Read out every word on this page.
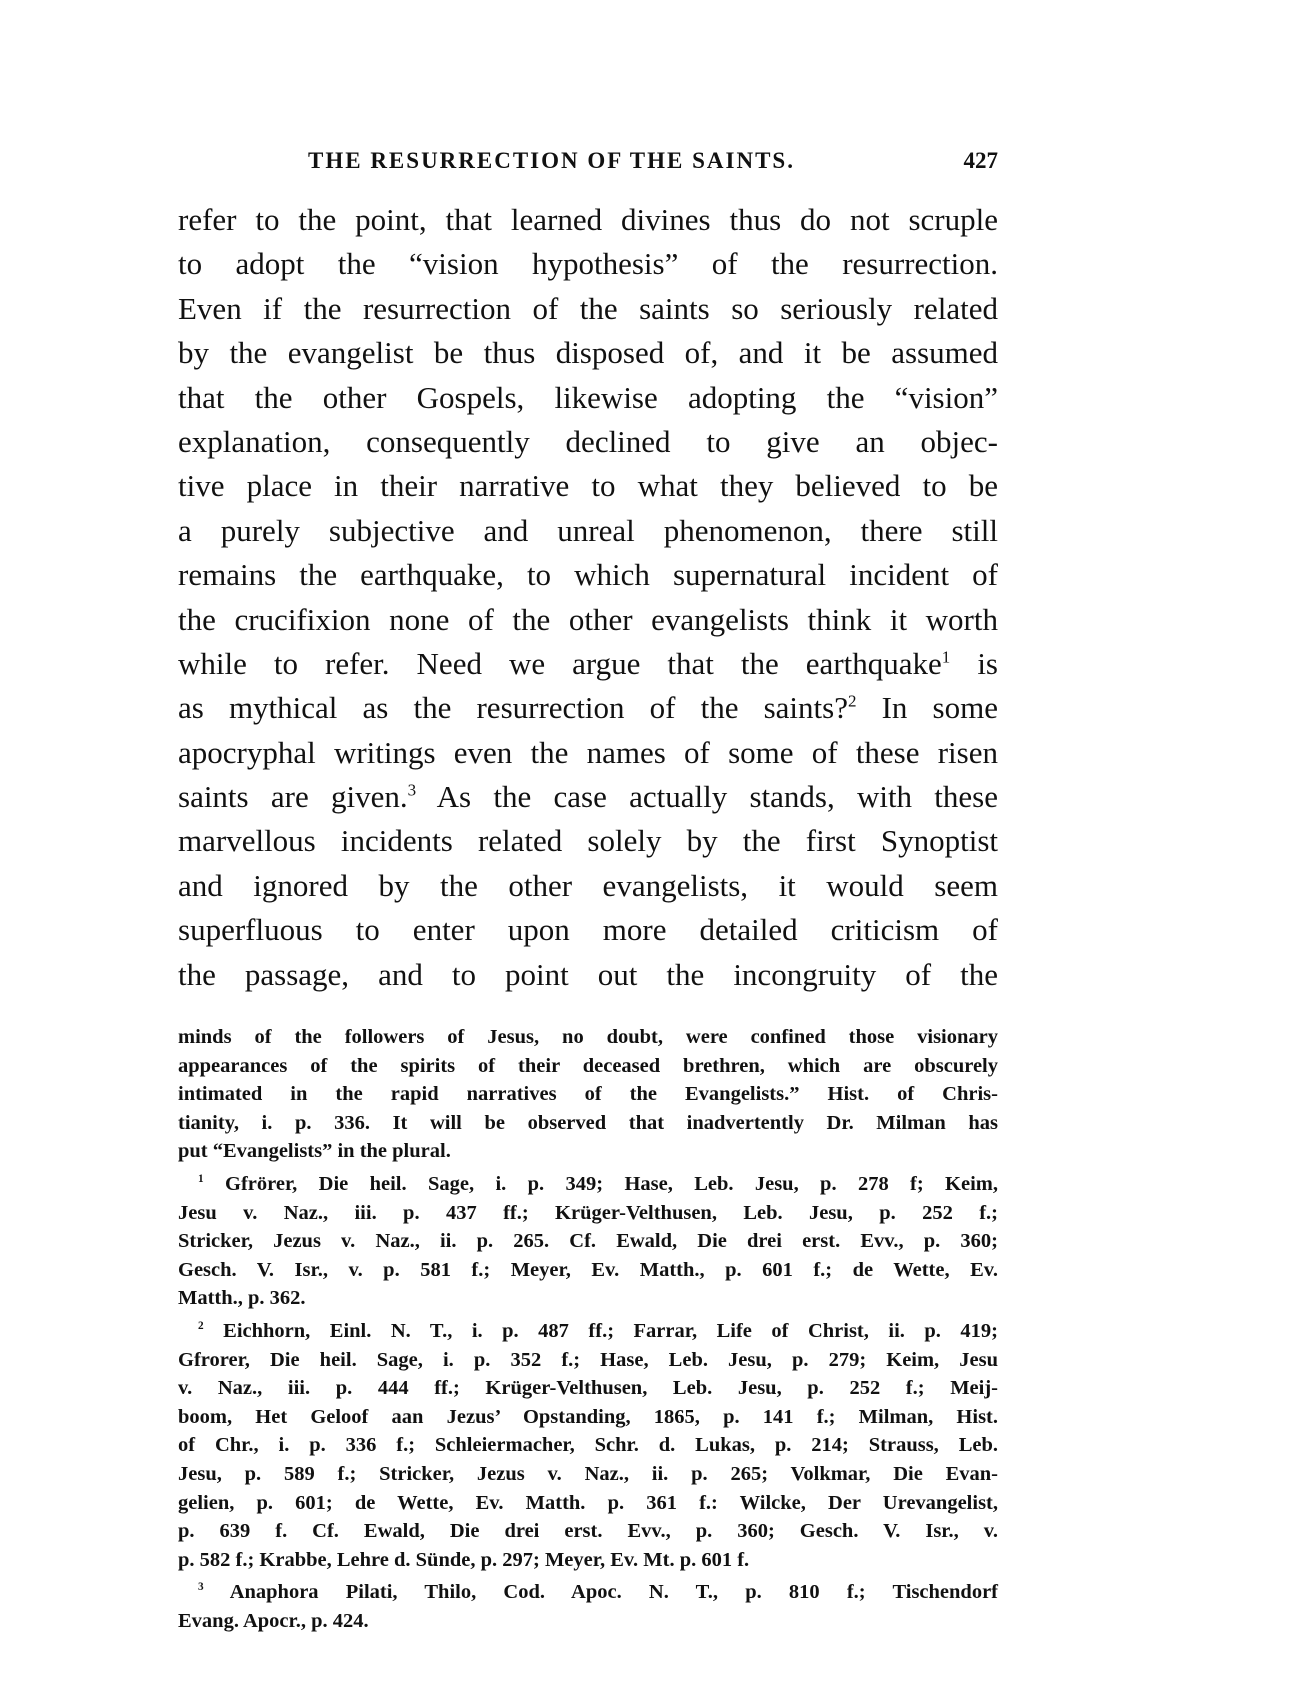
THE RESURRECTION OF THE SAINTS.	427
refer to the point, that learned divines thus do not scruple
to adopt the “vision hypothesis” of the resurrection.
Even if the resurrection of the saints so seriously related
by the evangelist be thus disposed of, and it be assumed
that the other Gospels, likewise adopting the “vision”
explanation, consequently declined to give an objec-
tive place in their narrative to what they believed to be
a purely subjective and unreal phenomenon, there still
remains the earthquake, to which supernatural incident of
the crucifixion none of the other evangelists think it worth
while to refer. Need we argue that the earthquake$^1$ is
as mythical as the resurrection of the saints?$^2$ In some
apocryphal writings even the names of some of these risen
saints are given.$^3$ As the case actually stands, with these
marvellous incidents related solely by the first Synoptist
and ignored by the other evangelists, it would seem
superfluous to enter upon more detailed criticism of
the passage, and to point out the incongruity of the
minds of the followers of Jesus, no doubt, were confined those visionary
appearances of the spirits of their deceased brethren, which are obscurely
intimated in the rapid narratives of the Evangelists.” Hist. of Chris-
tianity, i. p. 336. It will be observed that inadvertently Dr. Milman has
put “Evangelists” in the plural.
$^1$ Gfrörer, Die heil. Sage, i. p. 349; Hase, Leb. Jesu, p. 278 f; Keim,
Jesu v. Naz., iii. p. 437 ff.; Krüger-Velthusen, Leb. Jesu, p. 252 f.;
Stricker, Jezus v. Naz., ii. p. 265. Cf. Ewald, Die drei erst. Evv., p. 360;
Gesch. V. Isr., v. p. 581 f.; Meyer, Ev. Matth., p. 601 f.; de Wette, Ev.
Matth., p. 362.
$^2$ Eichhorn, Einl. N. T., i. p. 487 ff.; Farrar, Life of Christ, ii. p. 419;
Gfrorer, Die heil. Sage, i. p. 352 f.; Hase, Leb. Jesu, p. 279; Keim, Jesu
v. Naz., iii. p. 444 ff.; Krüger-Velthusen, Leb. Jesu, p. 252 f.; Meij-
boom, Het Geloof aan Jezus’ Opstanding, 1865, p. 141 f.; Milman, Hist.
of Chr., i. p. 336 f.; Schleiermacher, Schr. d. Lukas, p. 214; Strauss, Leb.
Jesu, p. 589 f.; Stricker, Jezus v. Naz., ii. p. 265; Volkmar, Die Evan-
gelien, p. 601; de Wette, Ev. Matth. p. 361 f.: Wilcke, Der Urevangelist,
p. 639 f. Cf. Ewald, Die drei erst. Evv., p. 360; Gesch. V. Isr., v.
p. 582 f.; Krabbe, Lehre d. Sünde, p. 297; Meyer, Ev. Mt. p. 601 f.
$^3$ Anaphora Pilati, Thilo, Cod. Apoc. N. T., p. 810 f.; Tischendorf
Evang. Apocr., p. 424.
